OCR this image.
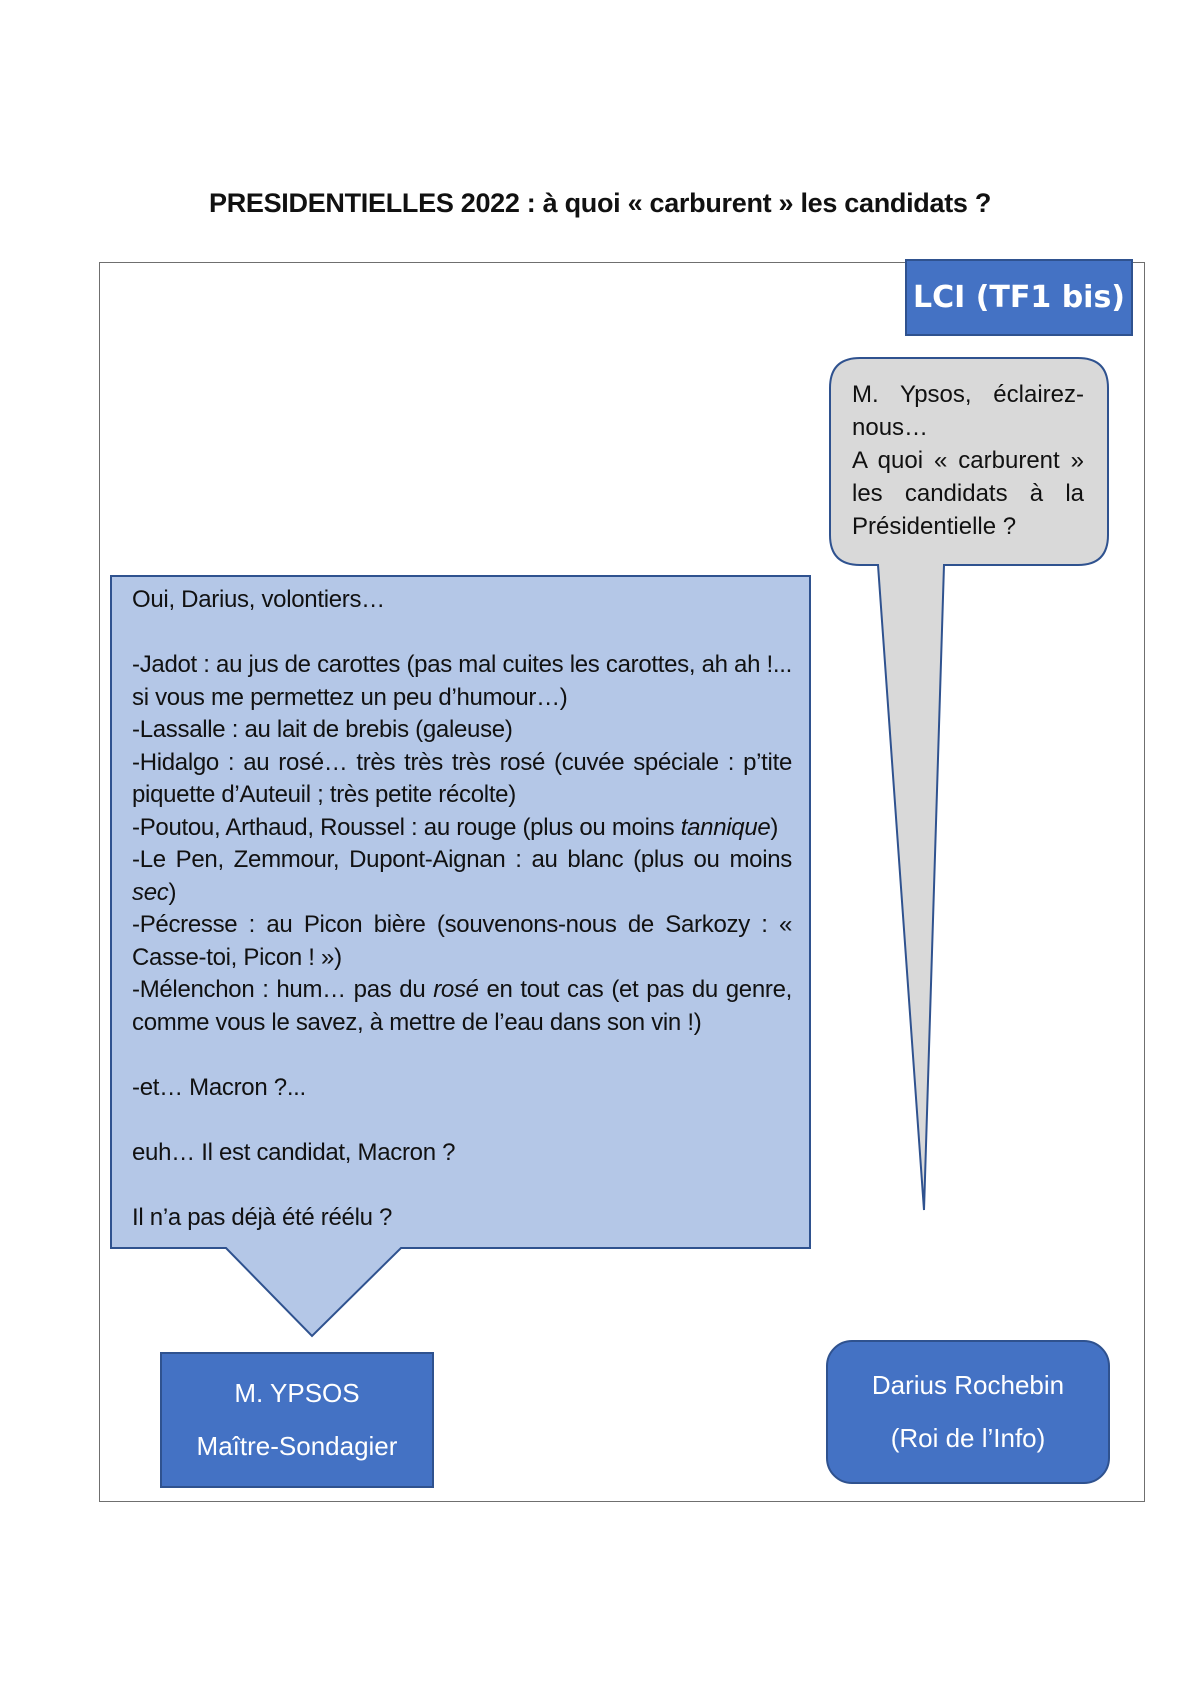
PRESIDENTIELLES 2022 : à quoi « carburent » les candidats ?
LCI (TF1 bis)

M. Ypsos, éclairez-nous…

A quoi « carburent » les candidats à la Présidentielle ?

Oui, Darius, volontiers…

-Jadot : au jus de carottes (pas mal cuites les carottes, ah ah !... si vous me permettez un peu d’humour…)

-Lassalle : au lait de brebis (galeuse)

-Hidalgo : au rosé… très très très rosé (cuvée spéciale : p’tite piquette d’Auteuil ; très petite récolte)

-Poutou, Arthaud, Roussel : au rouge (plus ou moins tannique)

-Le Pen, Zemmour, Dupont-Aignan : au blanc (plus ou moins sec)

-Pécresse : au Picon bière (souvenons-nous de Sarkozy : « Casse-toi, Picon ! »)

-Mélenchon : hum… pas du rosé en tout cas (et pas du genre, comme vous le savez, à mettre de l’eau dans son vin !)

-et… Macron ?...

euh… Il est candidat, Macron ?

Il n’a pas déjà été réélu ?

M. YPSOS
Maître-Sondagier
Darius Rochebin
(Roi de l’Info)
